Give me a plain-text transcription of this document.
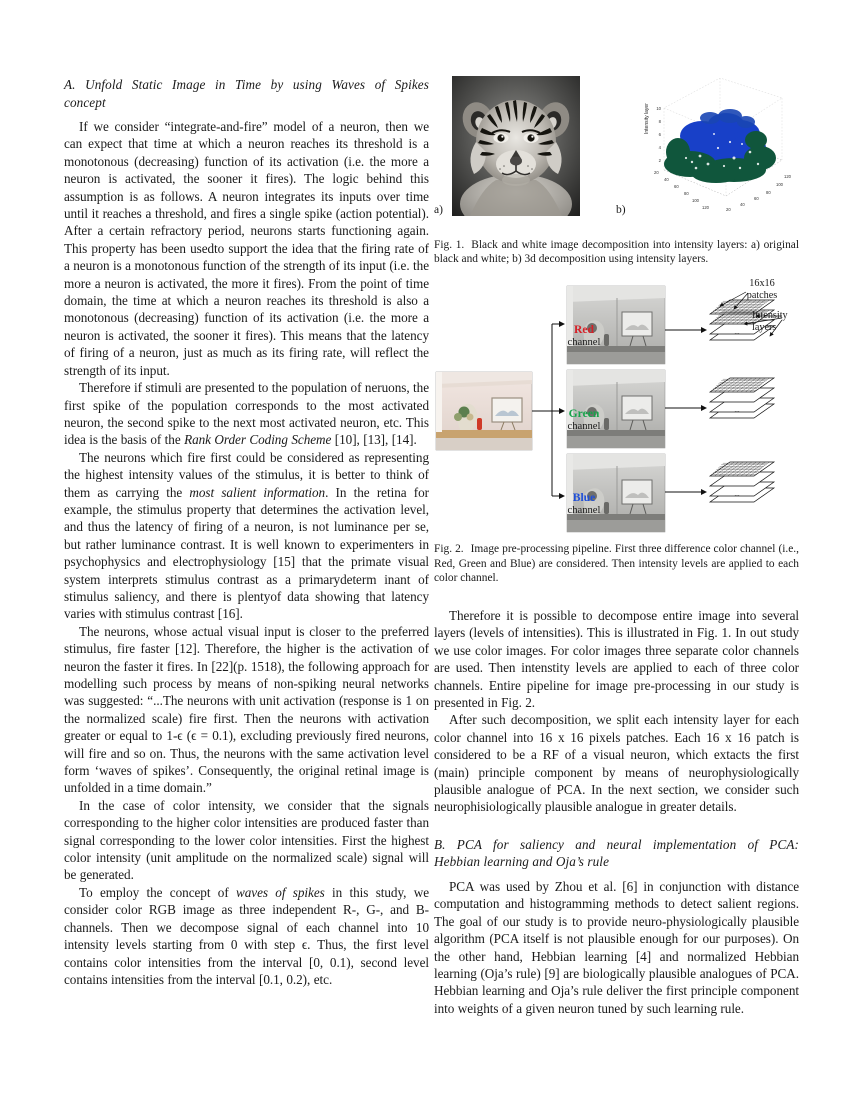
A. Unfold Static Image in Time by using Waves of Spikes
concept

If we consider “integrate-and-fire” model of a neuron, then we can expect that time at which a neuron reaches its threshold is a monotonous (decreasing) function of its activation (i.e. the more a neuron is activated, the sooner it fires). The logic behind this assumption is as follows. A neuron integrates its inputs over time until it reaches a threshold, and fires a single spike (action potential). After a certain refractory period, neurons starts functioning again. This property has been usedto support the idea that the firing rate of a neuron is a monotonous function of the strength of its input (i.e. the more a neuron is activated, the more it fires). From the point of time domain, the time at which a neuron reaches its threshold is also a monotonous (decreasing) function of its activation (i.e. the more a neuron is activated, the sooner it fires). This means that the latency of firing of a neuron, just as much as its firing rate, will reflect the strength of its input.

Therefore if stimuli are presented to the population of neruons, the first spike of the population corresponds to the most activated neuron, the second spike to the next most activated neuron, etc. This idea is the basis of the Rank Order Coding Scheme [10], [13], [14].

The neurons which fire first could be considered as representing the highest intensity values of the stimulus, it is better to think of them as carrying the most salient information. In the retina for example, the stimulus property that determines the activation level, and thus the latency of firing of a neuron, is not luminance per se, but rather luminance contrast. It is well known to experimenters in psychophysics and electrophysiology [15] that the primate visual system interprets stimulus contrast as a primarydeterm inant of stimulus saliency, and there is plentyof data showing that latency varies with stimulus contrast [16].

The neurons, whose actual visual input is closer to the preferred stimulus, fire faster [12]. Therefore, the higher is the activation of neuron the faster it fires. In [22](p. 1518), the following approach for modelling such process by means of non-spiking neural networks was suggested: “...The neurons with unit activation (response is 1 on the normalized scale) fire first. Then the neurons with activation greater or equal to 1-ϵ (ϵ = 0.1), excluding previously fired neurons, will fire and so on. Thus, the neurons with the same activation level form ‘waves of spikes’. Consequently, the original retinal image is unfolded in a time domain.”

In the case of color intensity, we consider that the signals corresponding to the higher color intensities are produced faster than signal corresponding to the lower color intensities. First the highest color intensity (unit amplitude on the normalized scale) signal will be generated.

To employ the concept of waves of spikes in this study, we consider color RGB image as three independent R-, G-, and B-channels. Then we decompose signal of each channel into 10 intensity levels starting from 0 with step ϵ. Thus, the first level contains color intensities from the interval [0, 0.1), second level contains intensities from the interval [0.1, 0.2), etc.

a)
Intensity layer 10
8
6
4
2
20
40
60
80
100
120	20
40
60
80
100
120
b)

Fig. 1. Black and white image decomposition into intensity layers: a) original black and white; b) 3d decomposition using intensity layers.

...
...
...
Red
channel
Green
channel
Blue
channel
16x16
patches
Intensity
layers

Fig. 2. Image pre-processing pipeline. First three difference color channel (i.e., Red, Green and Blue) are considered. Then intensity levels are applied to each color channel.

Therefore it is possible to decompose entire image into several layers (levels of intensities). This is illustrated in Fig. 1. In out study we use color images. For color images three separate color channels are used. Then intenstity levels are applied to each of three color channels. Entire pipeline for image pre-processing in our study is presented in Fig. 2.

After such decomposition, we split each intensity layer for each color channel into 16 x 16 pixels patches. Each 16 x 16 patch is considered to be a RF of a visual neuron, which extacts the first (main) principle component by means of neurophysiologically plausible analogue of PCA. In the next section, we consider such neurophisiologically plausible analogue in greater details.

B. PCA for saliency and neural implementation of PCA:
Hebbian learning and Oja’s rule

PCA was used by Zhou et al. [6] in conjunction with distance computation and histogramming methods to detect salient regions. The goal of our study is to provide neuro-physiologically plausible algorithm (PCA itself is not plausible enough for our purposes). On the other hand, Hebbian learning [4] and normalized Hebbian learning (Oja’s rule) [9] are biologically plausible analogues of PCA. Hebbian learning and Oja’s rule deliver the first principle component into weights of a given neuron tuned by such learning rule.
